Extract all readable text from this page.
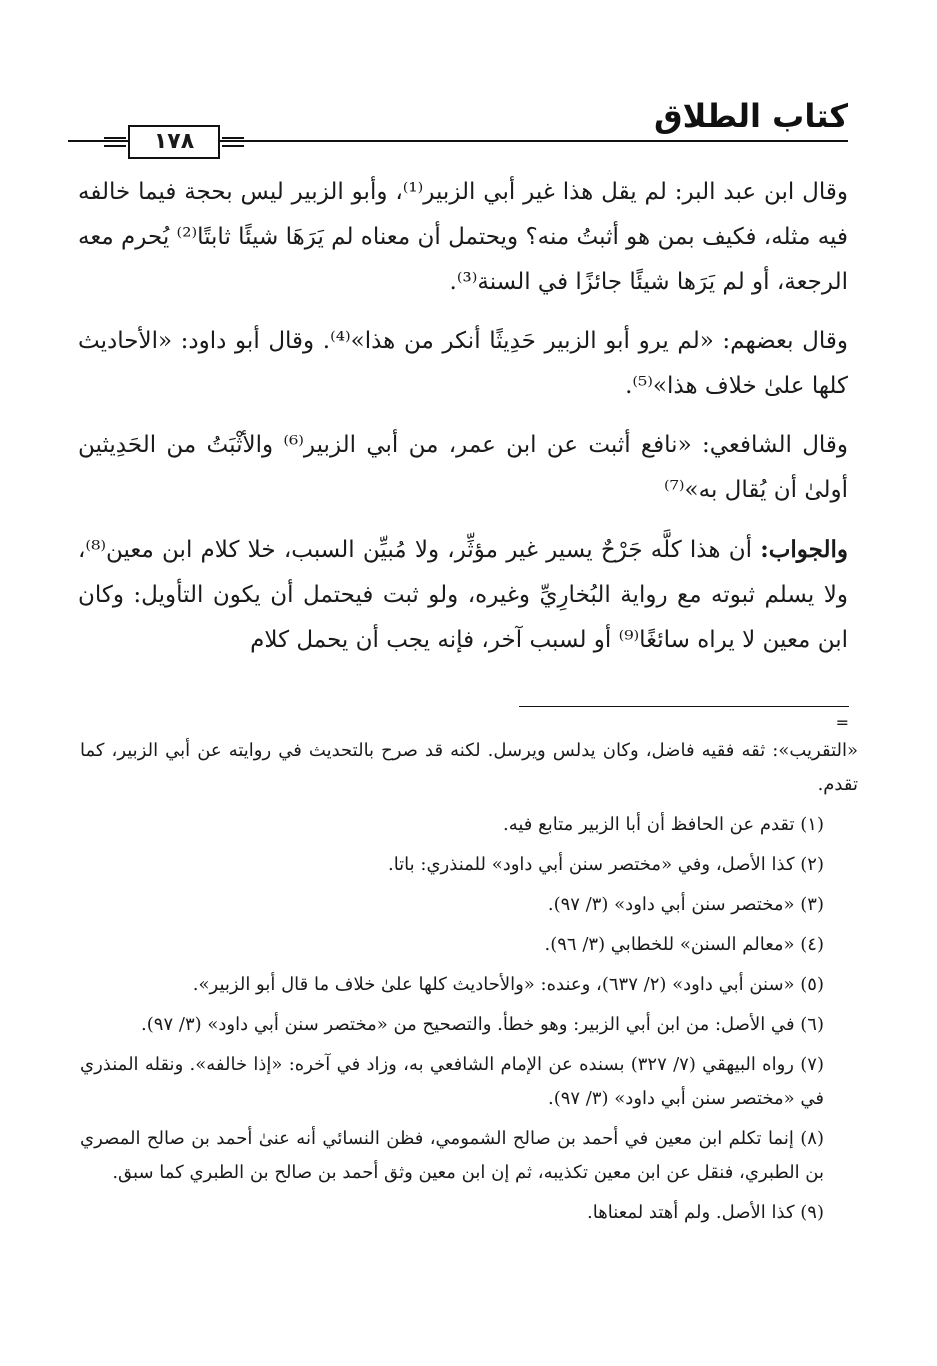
كتاب الطلاق
١٧٨

وقال ابن عبد البر: لم يقل هذا غير أبي الزبير⁽¹⁾، وأبو الزبير ليس بحجة فيما خالفه فيه مثله، فكيف بمن هو أثبتُ منه؟ ويحتمل أن معناه لم يَرَهَا شيئًا ثابتًا⁽²⁾ يُحرم معه الرجعة، أو لم يَرَها شيئًا جائزًا في السنة⁽³⁾.

وقال بعضهم: «لم يرو أبو الزبير حَدِيثًا أنكر من هذا»⁽⁴⁾. وقال أبو داود: «الأحاديث كلها علىٰ خلاف هذا»⁽⁵⁾.

وقال الشافعي: «نافع أثبت عن ابن عمر، من أبي الزبير⁽⁶⁾ والأثْبَتُ من الحَدِيثين أولىٰ أن يُقال به»⁽⁷⁾

والجواب: أن هذا كلَّه جَرْحٌ يسير غير مؤثِّر، ولا مُبيِّن السبب، خلا كلام ابن معين⁽⁸⁾، ولا يسلم ثبوته مع رواية البُخارِيِّ وغيره، ولو ثبت فيحتمل أن يكون التأويل: وكان ابن معين لا يراه سائغًا⁽⁹⁾ أو لسبب آخر، فإنه يجب أن يحمل كلام

=

«التقريب»: ثقه فقيه فاضل، وكان يدلس ويرسل. لكنه قد صرح بالتحديث في روايته عن أبي الزبير، كما تقدم.

(١) تقدم عن الحافظ أن أبا الزبير متابع فيه.

(٢) كذا الأصل، وفي «مختصر سنن أبي داود» للمنذري: باتا.

(٣) «مختصر سنن أبي داود» (٣/ ٩٧).

(٤) «معالم السنن» للخطابي (٣/ ٩٦).

(٥) «سنن أبي داود» (٢/ ٦٣٧)، وعنده: «والأحاديث كلها علىٰ خلاف ما قال أبو الزبير».

(٦) في الأصل: من ابن أبي الزبير: وهو خطأ. والتصحيح من «مختصر سنن أبي داود» (٣/ ٩٧).

(٧) رواه البيهقي (٧/ ٣٢٧) بسنده عن الإمام الشافعي به، وزاد في آخره: «إذا خالفه». ونقله المنذري في «مختصر سنن أبي داود» (٣/ ٩٧).

(٨) إنما تكلم ابن معين في أحمد بن صالح الشمومي، فظن النسائي أنه عنىٰ أحمد بن صالح المصري بن الطبري، فنقل عن ابن معين تكذيبه، ثم إن ابن معين وثق أحمد بن صالح بن الطبري كما سبق.

(٩) كذا الأصل. ولم أهتد لمعناها.
